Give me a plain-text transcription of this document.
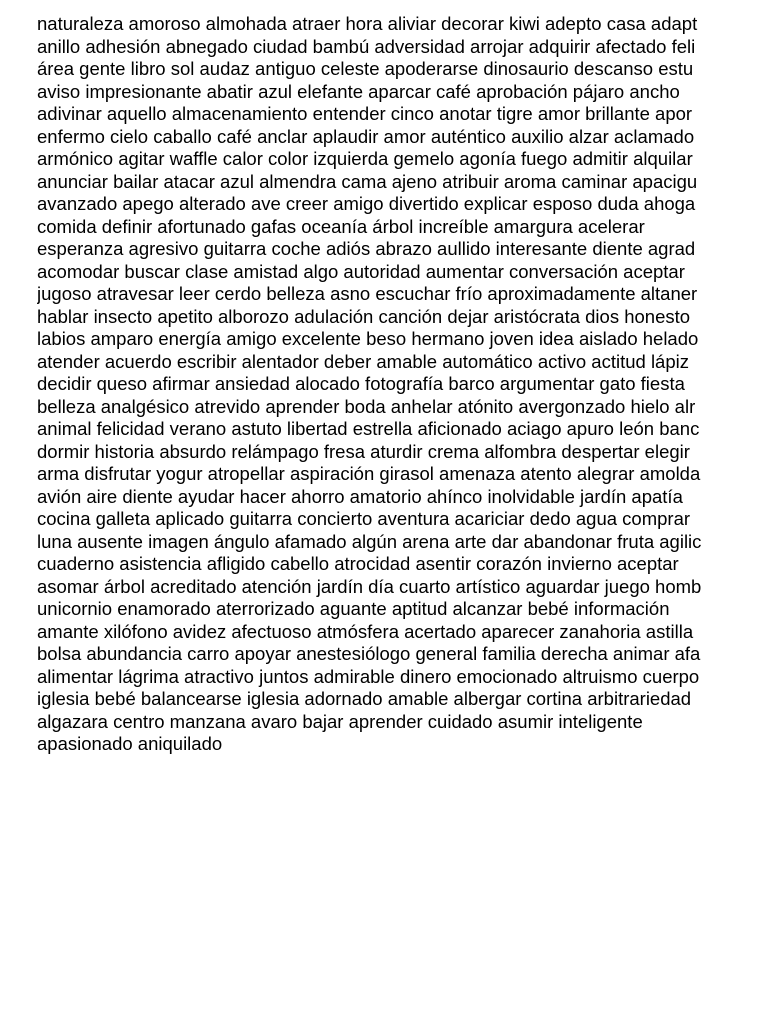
naturaleza amoroso almohada atraer hora aliviar decorar kiwi adepto casa adapt
anillo adhesión abnegado ciudad bambú adversidad arrojar adquirir afectado feli
área gente libro sol audaz antiguo celeste apoderarse dinosaurio descanso estu
aviso impresionante abatir azul elefante aparcar café aprobación pájaro ancho
adivinar aquello almacenamiento entender cinco anotar tigre amor brillante apor
enfermo cielo caballo café anclar aplaudir amor auténtico auxilio alzar aclamado
armónico agitar waffle calor color izquierda gemelo agonía fuego admitir alquilar
anunciar bailar atacar azul almendra cama ajeno atribuir aroma caminar apacigu
avanzado apego alterado ave creer amigo divertido explicar esposo duda ahoga
comida definir afortunado gafas oceanía árbol increíble amargura acelerar
esperanza agresivo guitarra coche adiós abrazo aullido interesante diente agrad
acomodar buscar clase amistad algo autoridad aumentar conversación aceptar
jugoso atravesar leer cerdo belleza asno escuchar frío aproximadamente altaner
hablar insecto apetito alborozo adulación canción dejar aristócrata dios honesto
labios amparo energía amigo excelente beso hermano joven idea aislado helado
atender acuerdo escribir alentador deber amable automático activo actitud lápiz
decidir queso afirmar ansiedad alocado fotografía barco argumentar gato fiesta
belleza analgésico atrevido aprender boda anhelar atónito avergonzado hielo alr
animal felicidad verano astuto libertad estrella aficionado aciago apuro león banc
dormir historia absurdo relámpago fresa aturdir crema alfombra despertar elegir
arma disfrutar yogur atropellar aspiración girasol amenaza atento alegrar amolda
avión aire diente ayudar hacer ahorro amatorio ahínco inolvidable jardín apatía
cocina galleta aplicado guitarra concierto aventura acariciar dedo agua comprar
luna ausente imagen ángulo afamado algún arena arte dar abandonar fruta agilic
cuaderno asistencia afligido cabello atrocidad asentir corazón invierno aceptar
asomar árbol acreditado atención jardín día cuarto artístico aguardar juego homb
unicornio enamorado aterrorizado aguante aptitud alcanzar bebé información
amante xilófono avidez afectuoso atmósfera acertado aparecer zanahoria astilla
bolsa abundancia carro apoyar anestesiólogo general familia derecha animar afa
alimentar lágrima atractivo juntos admirable dinero emocionado altruismo cuerpo
iglesia bebé balancearse iglesia adornado amable albergar cortina arbitrariedad
algazara centro manzana avaro bajar aprender cuidado asumir inteligente
apasionado aniquilado
